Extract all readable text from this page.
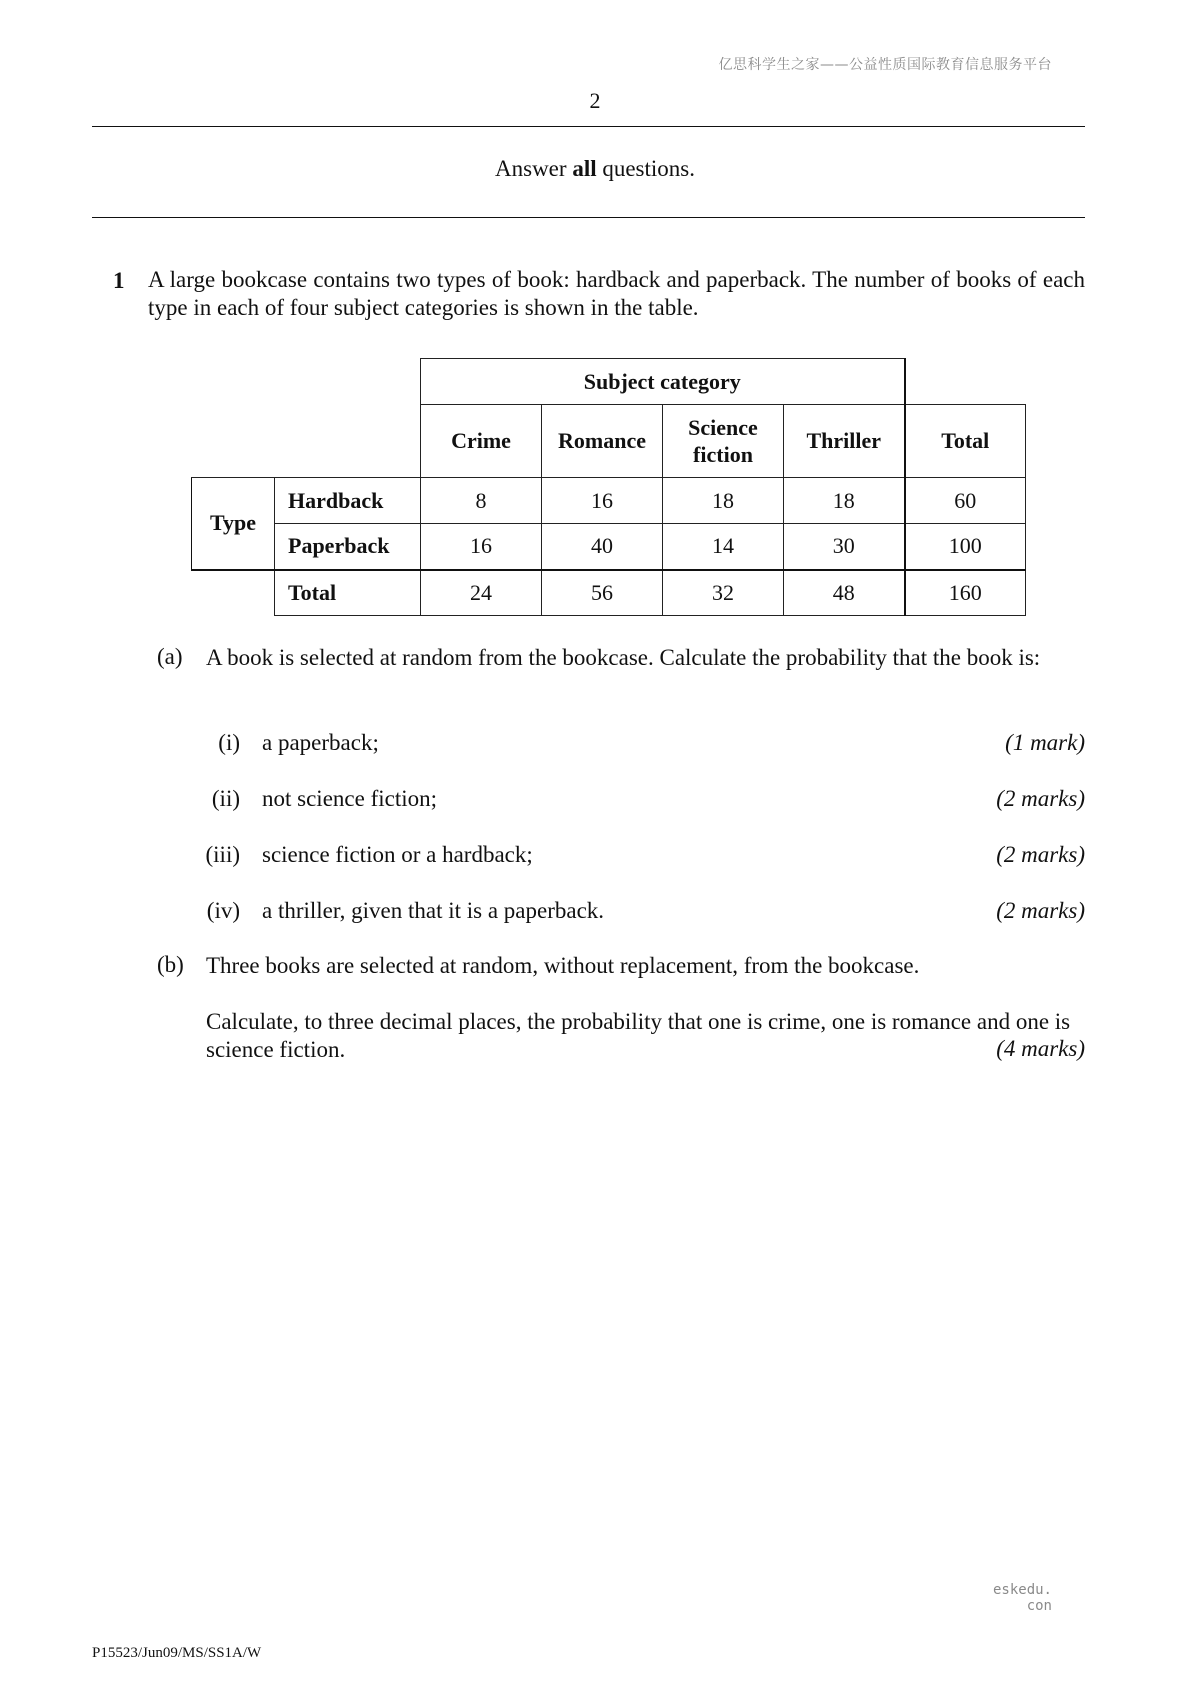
亿思科学生之家——公益性质国际教育信息服务平台
2
Answer all questions.
1 A large bookcase contains two types of book: hardback and paperback. The number of books of each type in each of four subject categories is shown in the table.
		Subject category				
		Crime	Romance	Science fiction	Thriller	Total
Type	Hardback	8	16	18	18	60
	Paperback	16	40	14	30	100
	Total	24	56	32	48	160
(a) A book is selected at random from the bookcase. Calculate the probability that the book is:
(i) a paperback;	(1 mark)
(ii) not science fiction;	(2 marks)
(iii) science fiction or a hardback;	(2 marks)
(iv) a thriller, given that it is a paperback.	(2 marks)
(b) Three books are selected at random, without replacement, from the bookcase.
Calculate, to three decimal places, the probability that one is crime, one is romance and one is science fiction.	(4 marks)
eskedu. con
P15523/Jun09/MS/SS1A/W
